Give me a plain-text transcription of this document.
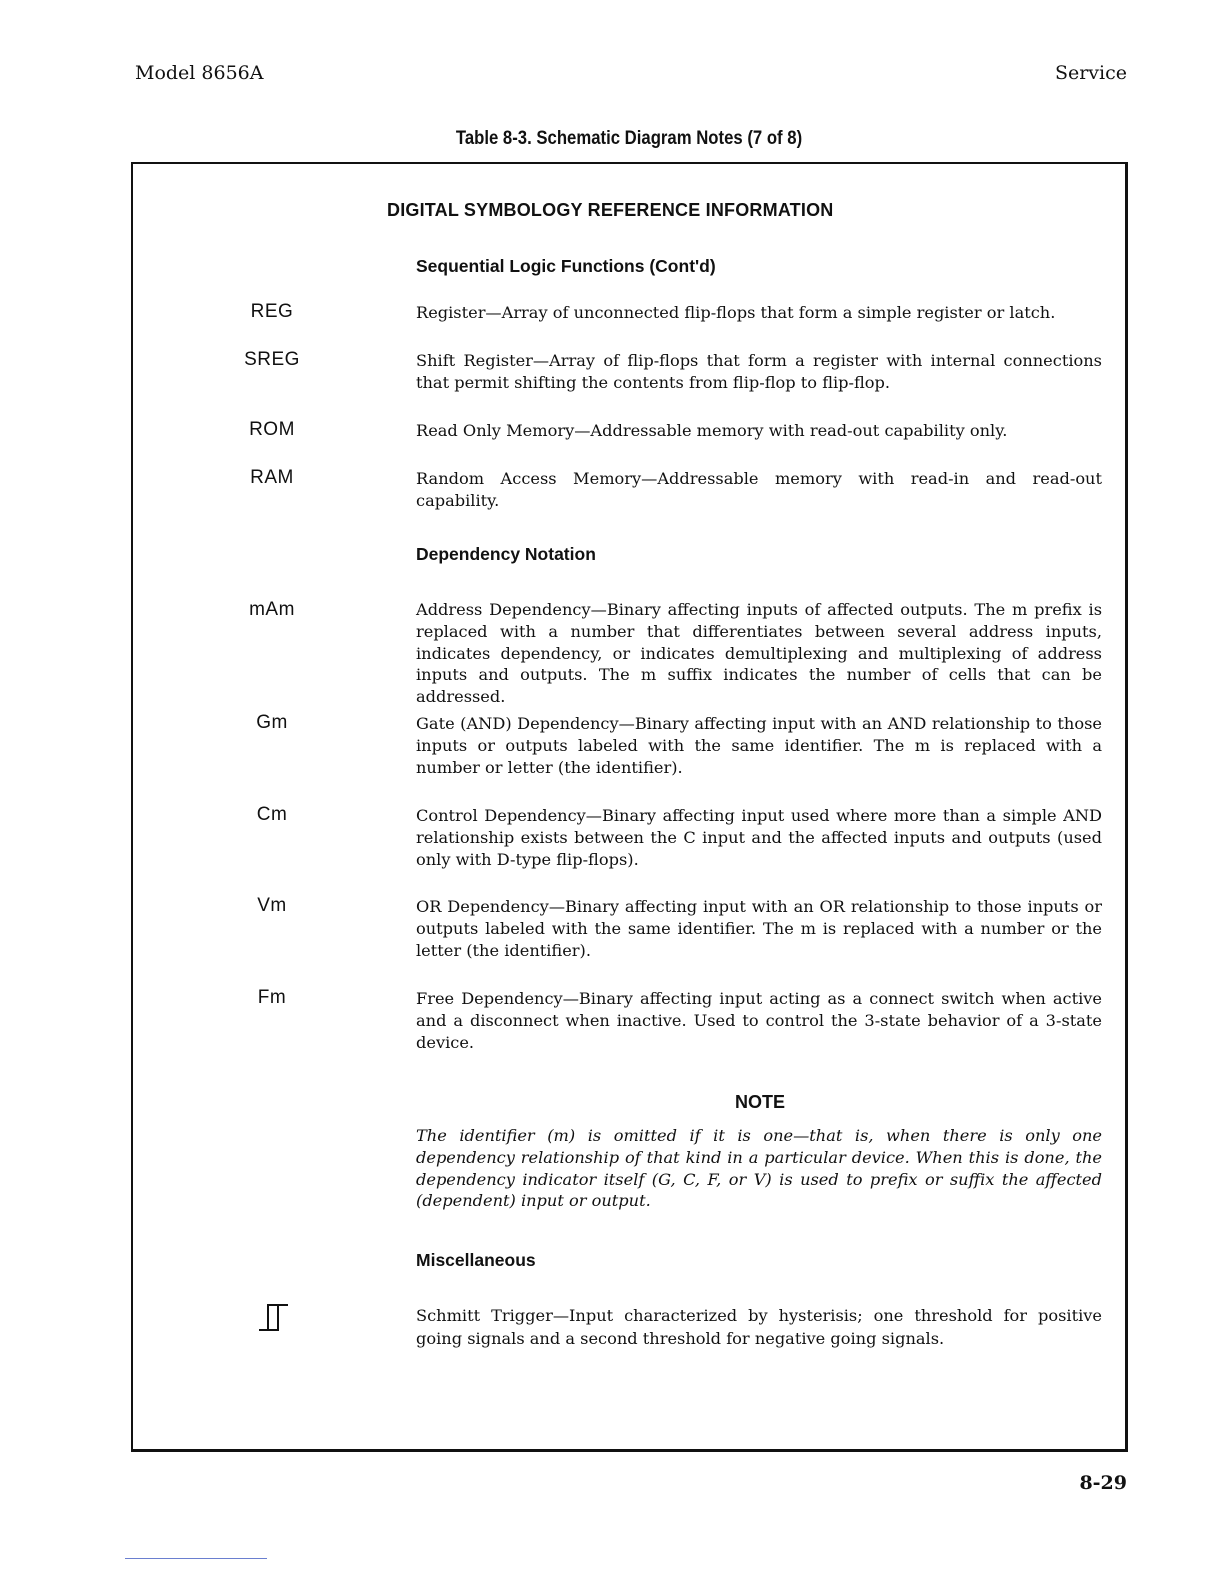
Model 8656A	Service
Table 8-3. Schematic Diagram Notes (7 of 8)
DIGITAL SYMBOLOGY REFERENCE INFORMATION
Sequential Logic Functions (Cont'd)
REG	Register—Array of unconnected flip-flops that form a simple register or latch.
SREG	Shift Register—Array of flip-flops that form a register with internal connections that permit shifting the contents from flip-flop to flip-flop.
ROM	Read Only Memory—Addressable memory with read-out capability only.
RAM	Random Access Memory—Addressable memory with read-in and read-out capability.
Dependency Notation
mAm	Address Dependency—Binary affecting inputs of affected outputs. The m prefix is replaced with a number that differentiates between several address inputs, indicates dependency, or indicates demultiplexing and multiplexing of address inputs and outputs. The m suffix indicates the number of cells that can be addressed.
Gm	Gate (AND) Dependency—Binary affecting input with an AND relationship to those inputs or outputs labeled with the same identifier. The m is replaced with a number or letter (the identifier).
Cm	Control Dependency—Binary affecting input used where more than a simple AND relationship exists between the C input and the affected inputs and outputs (used only with D-type flip-flops).
Vm	OR Dependency—Binary affecting input with an OR relationship to those inputs or outputs labeled with the same identifier. The m is replaced with a number or the letter (the identifier).
Fm	Free Dependency—Binary affecting input acting as a connect switch when active and a disconnect when inactive. Used to control the 3-state behavior of a 3-state device.
NOTE
The identifier (m) is omitted if it is one—that is, when there is only one dependency relationship of that kind in a particular device. When this is done, the dependency indicator itself (G, C, F, or V) is used to prefix or suffix the affected (dependent) input or output.
Miscellaneous
Schmitt Trigger—Input characterized by hysterisis; one threshold for positive going signals and a second threshold for negative going signals.
8-29
